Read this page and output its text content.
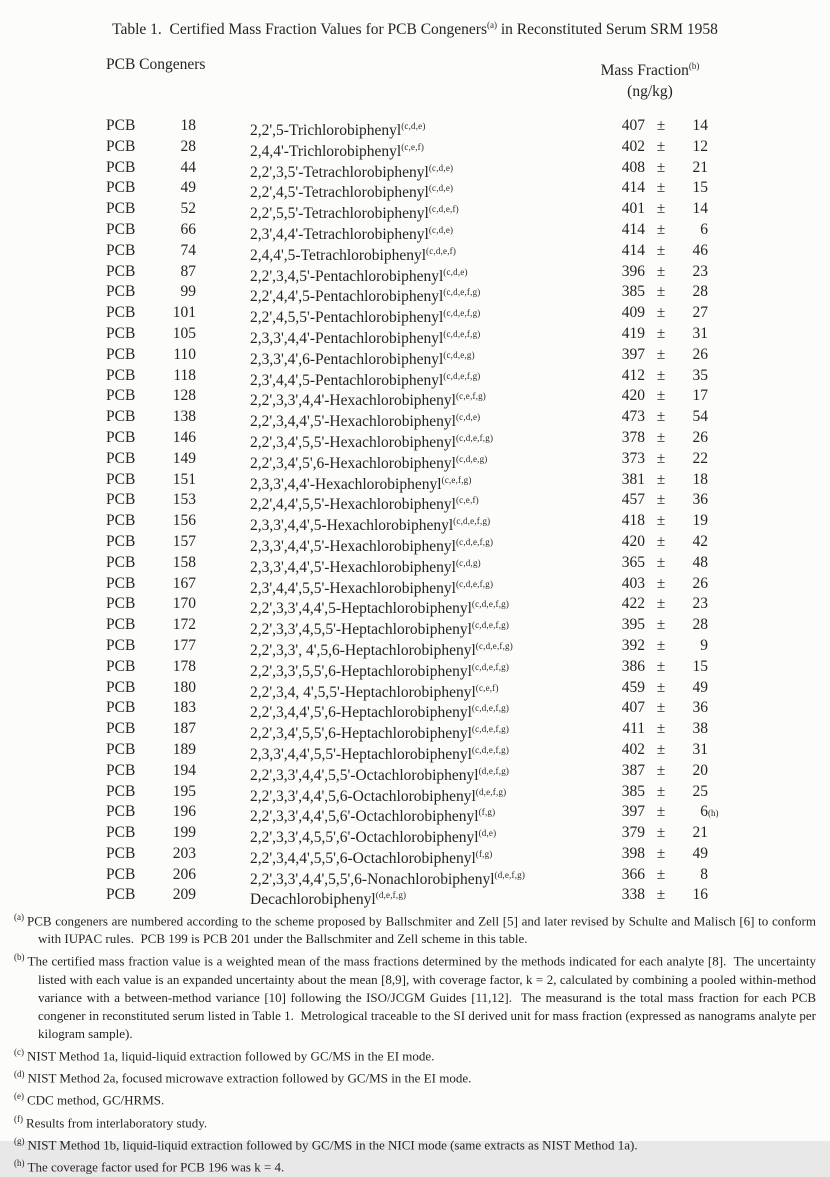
Table 1.  Certified Mass Fraction Values for PCB Congeners$^{(a)}$ in Reconstituted Serum SRM 1958
PCB Congeners	Mass Fraction$^{(b)}$
(ng/kg)
PCB	18	2,2',5-Trichlorobiphenyl$^{(c,d,e)}$	407 ±	14
PCB	28	2,4,4'-Trichlorobiphenyl$^{(c,e,f)}$	402 ±	12
PCB	44	2,2',3,5'-Tetrachlorobiphenyl$^{(c,d,e)}$	408 ±	21
PCB	49	2,2',4,5'-Tetrachlorobiphenyl$^{(c,d,e)}$	414 ±	15
PCB	52	2,2',5,5'-Tetrachlorobiphenyl$^{(c,d,e,f)}$	401 ±	14
PCB	66	2,3',4,4'-Tetrachlorobiphenyl$^{(c,d,e)}$	414 ±	6
PCB	74	2,4,4',5-Tetrachlorobiphenyl$^{(c,d,e,f)}$	414 ±	46
PCB	87	2,2',3,4,5'-Pentachlorobiphenyl$^{(c,d,e)}$	396 ±	23
PCB	99	2,2',4,4',5-Pentachlorobiphenyl$^{(c,d,e,f,g)}$	385 ±	28
PCB	101	2,2',4,5,5'-Pentachlorobiphenyl$^{(c,d,e,f,g)}$	409 ±	27
PCB	105	2,3,3',4,4'-Pentachlorobiphenyl$^{(c,d,e,f,g)}$	419 ±	31
PCB	110	2,3,3',4',6-Pentachlorobiphenyl$^{(c,d,e,g)}$	397 ±	26
PCB	118	2,3',4,4',5-Pentachlorobiphenyl$^{(c,d,e,f,g)}$	412 ±	35
PCB	128	2,2',3,3',4,4'-Hexachlorobiphenyl$^{(c,e,f,g)}$	420 ±	17
PCB	138	2,2',3,4,4',5'-Hexachlorobiphenyl$^{(c,d,e)}$	473 ±	54
PCB	146	2,2',3,4',5,5'-Hexachlorobiphenyl$^{(c,d,e,f,g)}$	378 ±	26
PCB	149	2,2',3,4',5',6-Hexachlorobiphenyl$^{(c,d,e,g)}$	373 ±	22
PCB	151	2,3,3',4,4'-Hexachlorobiphenyl$^{(c,e,f,g)}$	381 ±	18
PCB	153	2,2',4,4',5,5'-Hexachlorobiphenyl$^{(c,e,f)}$	457 ±	36
PCB	156	2,3,3',4,4',5-Hexachlorobiphenyl$^{(c,d,e,f,g)}$	418 ±	19
PCB	157	2,3,3',4,4',5'-Hexachlorobiphenyl$^{(c,d,e,f,g)}$	420 ±	42
PCB	158	2,3,3',4,4',5'-Hexachlorobiphenyl$^{(c,d,g)}$	365 ±	48
PCB	167	2,3',4,4',5,5'-Hexachlorobiphenyl$^{(c,d,e,f,g)}$	403 ±	26
PCB	170	2,2',3,3',4,4',5-Heptachlorobiphenyl$^{(c,d,e,f,g)}$	422 ±	23
PCB	172	2,2',3,3',4,5,5'-Heptachlorobiphenyl$^{(c,d,e,f,g)}$	395 ±	28
PCB	177	2,2',3,3', 4',5,6-Heptachlorobiphenyl$^{(c,d,e,f,g)}$	392 ±	9
PCB	178	2,2',3,3',5,5',6-Heptachlorobiphenyl$^{(c,d,e,f,g)}$	386 ±	15
PCB	180	2,2',3,4, 4',5,5'-Heptachlorobiphenyl$^{(c,e,f)}$	459 ±	49
PCB	183	2,2',3,4,4',5',6-Heptachlorobiphenyl$^{(c,d,e,f,g)}$	407 ±	36
PCB	187	2,2',3,4',5,5',6-Heptachlorobiphenyl$^{(c,d,e,f,g)}$	411 ±	38
PCB	189	2,3,3',4,4',5,5'-Heptachlorobiphenyl$^{(c,d,e,f,g)}$	402 ±	31
PCB	194	2,2',3,3',4,4',5,5'-Octachlorobiphenyl$^{(d,e,f,g)}$	387 ±	20
PCB	195	2,2',3,3',4,4',5,6-Octachlorobiphenyl$^{(d,e,f,g)}$	385 ±	25
PCB	196	2,2',3,3',4,4',5,6'-Octachlorobiphenyl$^{(f,g)}$	397 ±	6 (h)
PCB	199	2,2',3,3',4,5,5',6'-Octachlorobiphenyl$^{(d,e)}$	379 ±	21
PCB	203	2,2',3,4,4',5,5',6-Octachlorobiphenyl$^{(f,g)}$	398 ±	49
PCB	206	2,2',3,3',4,4',5,5',6-Nonachlorobiphenyl$^{(d,e,f,g)}$	366 ±	8
PCB	209	Decachlorobiphenyl$^{(d,e,f,g)}$	338 ±	16
$^{(a)}$ PCB congeners are numbered according to the scheme proposed by Ballschmiter and Zell [5] and later revised by Schulte and Malisch [6] to conform with IUPAC rules.  PCB 199 is PCB 201 under the Ballschmiter and Zell scheme in this table.
$^{(b)}$ The certified mass fraction value is a weighted mean of the mass fractions determined by the methods indicated for each analyte [8].  The uncertainty listed with each value is an expanded uncertainty about the mean [8,9], with coverage factor, k = 2, calculated by combining a pooled within-method variance with a between-method variance [10] following the ISO/JCGM Guides [11,12].  The measurand is the total mass fraction for each PCB congener in reconstituted serum listed in Table 1.  Metrological traceable to the SI derived unit for mass fraction (expressed as nanograms analyte per kilogram sample).
$^{(c)}$ NIST Method 1a, liquid-liquid extraction followed by GC/MS in the EI mode.
$^{(d)}$ NIST Method 2a, focused microwave extraction followed by GC/MS in the EI mode.
$^{(e)}$ CDC method, GC/HRMS.
$^{(f)}$ Results from interlaboratory study.
$^{(g)}$ NIST Method 1b, liquid-liquid extraction followed by GC/MS in the NICI mode (same extracts as NIST Method 1a).
$^{(h)}$ The coverage factor used for PCB 196 was k = 4.
